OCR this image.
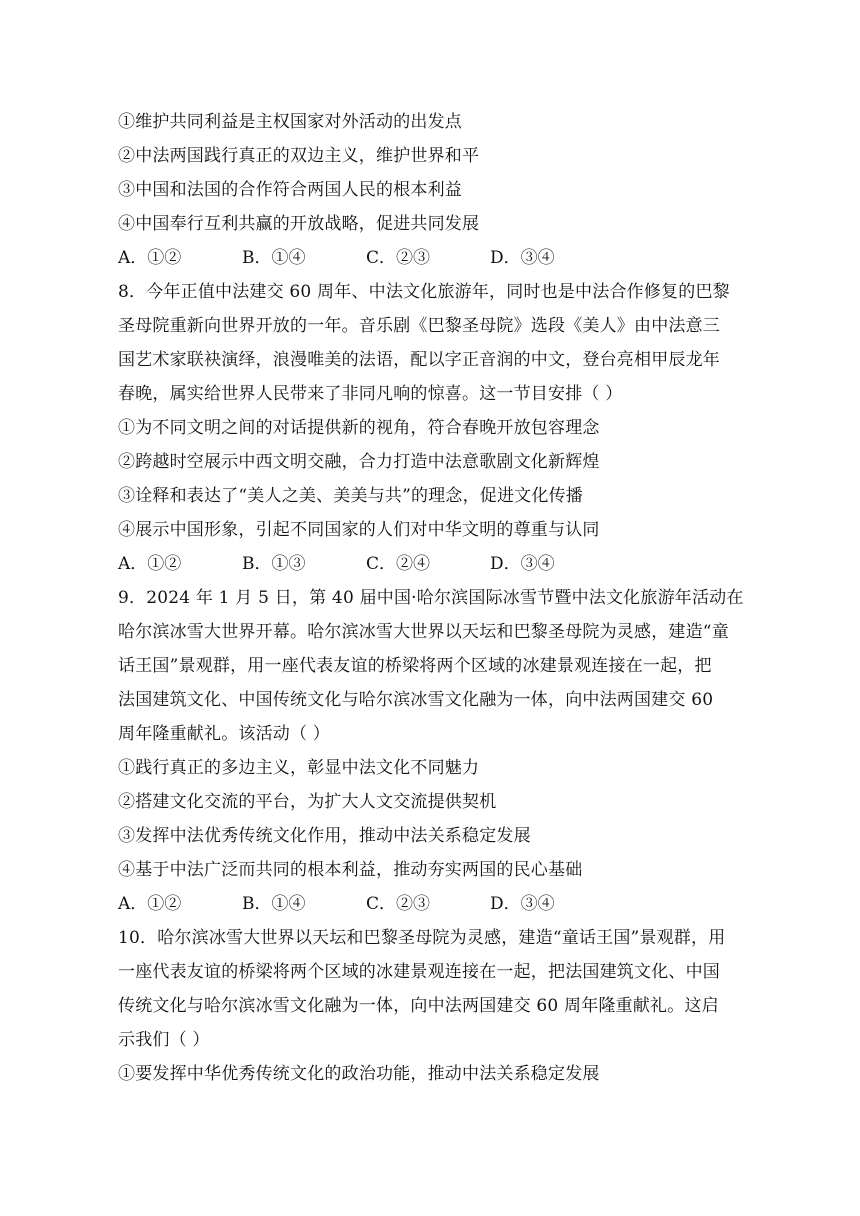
①维护共同利益是主权国家对外活动的出发点
②中法两国践行真正的双边主义，维护世界和平
③中国和法国的合作符合两国人民的根本利益
④中国奉行互利共赢的开放战略，促进共同发展
A．①②	B．①④	C．②③	D．③④
8．今年正值中法建交 60 周年、中法文化旅游年，同时也是中法合作修复的巴黎
圣母院重新向世界开放的一年。音乐剧《巴黎圣母院》选段《美人》由中法意三
国艺术家联袂演绎，浪漫唯美的法语，配以字正音润的中文，登台亮相甲辰龙年
春晚，属实给世界人民带来了非同凡响的惊喜。这一节目安排（ ）
①为不同文明之间的对话提供新的视角，符合春晚开放包容理念
②跨越时空展示中西文明交融，合力打造中法意歌剧文化新辉煌
③诠释和表达了“美人之美、美美与共”的理念，促进文化传播
④展示中国形象，引起不同国家的人们对中华文明的尊重与认同
A．①②	B．①③	C．②④	D．③④
9．2024 年 1 月 5 日，第 40 届中国·哈尔滨国际冰雪节暨中法文化旅游年活动在
哈尔滨冰雪大世界开幕。哈尔滨冰雪大世界以天坛和巴黎圣母院为灵感，建造“童
话王国”景观群，用一座代表友谊的桥梁将两个区域的冰建景观连接在一起，把
法国建筑文化、中国传统文化与哈尔滨冰雪文化融为一体，向中法两国建交 60
周年隆重献礼。该活动（ ）
①践行真正的多边主义，彰显中法文化不同魅力
②搭建文化交流的平台，为扩大人文交流提供契机
③发挥中法优秀传统文化作用，推动中法关系稳定发展
④基于中法广泛而共同的根本利益，推动夯实两国的民心基础
A．①②	B．①④	C．②③	D．③④
10．哈尔滨冰雪大世界以天坛和巴黎圣母院为灵感，建造“童话王国”景观群，用
一座代表友谊的桥梁将两个区域的冰建景观连接在一起，把法国建筑文化、中国
传统文化与哈尔滨冰雪文化融为一体，向中法两国建交 60 周年隆重献礼。这启
示我们（ ）
①要发挥中华优秀传统文化的政治功能，推动中法关系稳定发展
